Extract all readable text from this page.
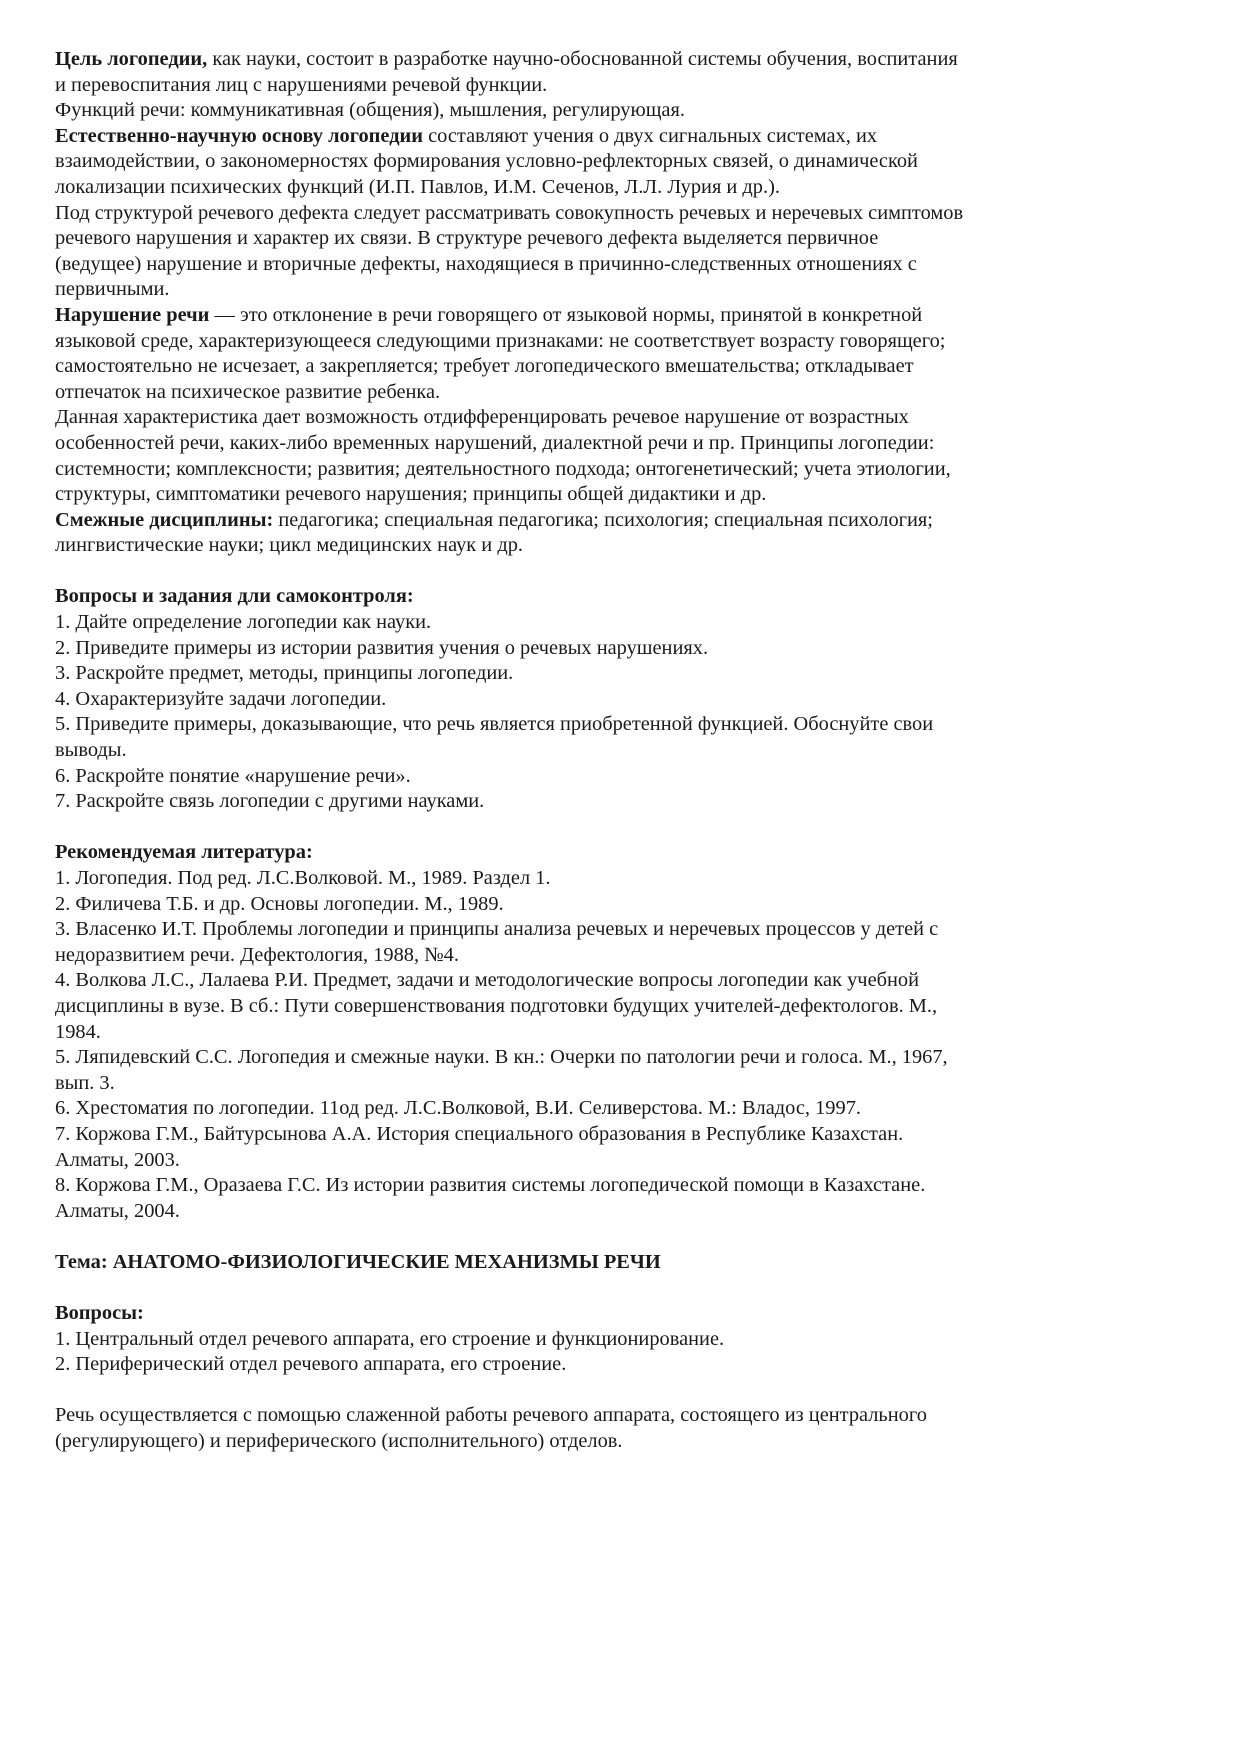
Цель логопедии, как науки, состоит в разработке научно-обоснованной системы обучения, воспитания
и перевоспитания лиц с нарушениями речевой функции.
Функций речи: коммуникативная (общения), мышления, регулирующая.
Естественно-научную основу логопедии составляют учения о двух сигнальных системах, их
взаимодействии, о закономерностях формирования условно-рефлекторных связей, о динамической
локализации психических функций (И.П. Павлов, И.М. Сеченов, Л.Л. Лурия и др.).
Под структурой речевого дефекта следует рассматривать совокупность речевых и неречевых симптомов
речевого нарушения и характер их связи. В структуре речевого дефекта выделяется первичное
(ведущее) нарушение и вторичные дефекты, находящиеся в причинно-следственных отношениях с
первичными.
Нарушение речи — это отклонение в речи говорящего от языковой нормы, принятой в конкретной
языковой среде, характеризующееся следующими признаками: не соответствует возрасту говорящего;
самостоятельно не исчезает, а закрепляется; требует логопедического вмешательства; откладывает
отпечаток на психическое развитие ребенка.
Данная характеристика дает возможность отдифференцировать речевое нарушение от возрастных
особенностей речи, каких-либо временных нарушений, диалектной речи и пр. Принципы логопедии:
системности; комплексности; развития; деятельностного подхода; онтогенетический; учета этиологии,
структуры, симптоматики речевого нарушения; принципы общей дидактики и др.
Смежные дисциплины: педагогика; специальная педагогика; психология; специальная психология;
лингвистические науки; цикл медицинских наук и др.
Вопросы и задания дли самоконтроля:
1. Дайте определение логопедии как науки.
2. Приведите примеры из истории развития учения о речевых нарушениях.
3. Раскройте предмет, методы, принципы логопедии.
4. Охарактеризуйте задачи логопедии.
5. Приведите примеры, доказывающие, что речь является приобретенной функцией. Обоснуйте свои
выводы.
6. Раскройте понятие «нарушение речи».
7. Раскройте связь логопедии с другими науками.
Рекомендуемая литература:
1. Логопедия. Под ред. Л.С.Волковой. М., 1989. Раздел 1.
2. Филичева Т.Б. и др. Основы логопедии. М., 1989.
3. Власенко И.Т. Проблемы логопедии и принципы анализа речевых и неречевых процессов у детей с
недоразвитием речи. Дефектология, 1988, №4.
4. Волкова Л.С., Лалаева Р.И. Предмет, задачи и методологические вопросы логопедии как учебной
дисциплины в вузе. В сб.: Пути совершенствования подготовки будущих учителей-дефектологов. М.,
1984.
5. Ляпидевский С.С. Логопедия и смежные науки. В кн.: Очерки по патологии речи и голоса. М., 1967,
вып. 3.
6. Хрестоматия по логопедии. 11од ред. Л.С.Волковой, В.И. Селиверстова. М.: Владос, 1997.
7. Коржова Г.М., Байтурсынова А.А. История специального образования в Республике Казахстан.
Алматы, 2003.
8. Коржова Г.М., Оразаева Г.С. Из истории развития системы логопедической помощи в Казахстане.
Алматы, 2004.
Тема: АНАТОМО-ФИЗИОЛОГИЧЕСКИЕ МЕХАНИЗМЫ РЕЧИ
Вопросы:
1. Центральный отдел речевого аппарата, его строение и функционирование.
2. Периферический отдел речевого аппарата, его строение.
Речь осуществляется с помощью слаженной работы речевого аппарата, состоящего из центрального
(регулирующего) и периферического (исполнительного) отделов.
